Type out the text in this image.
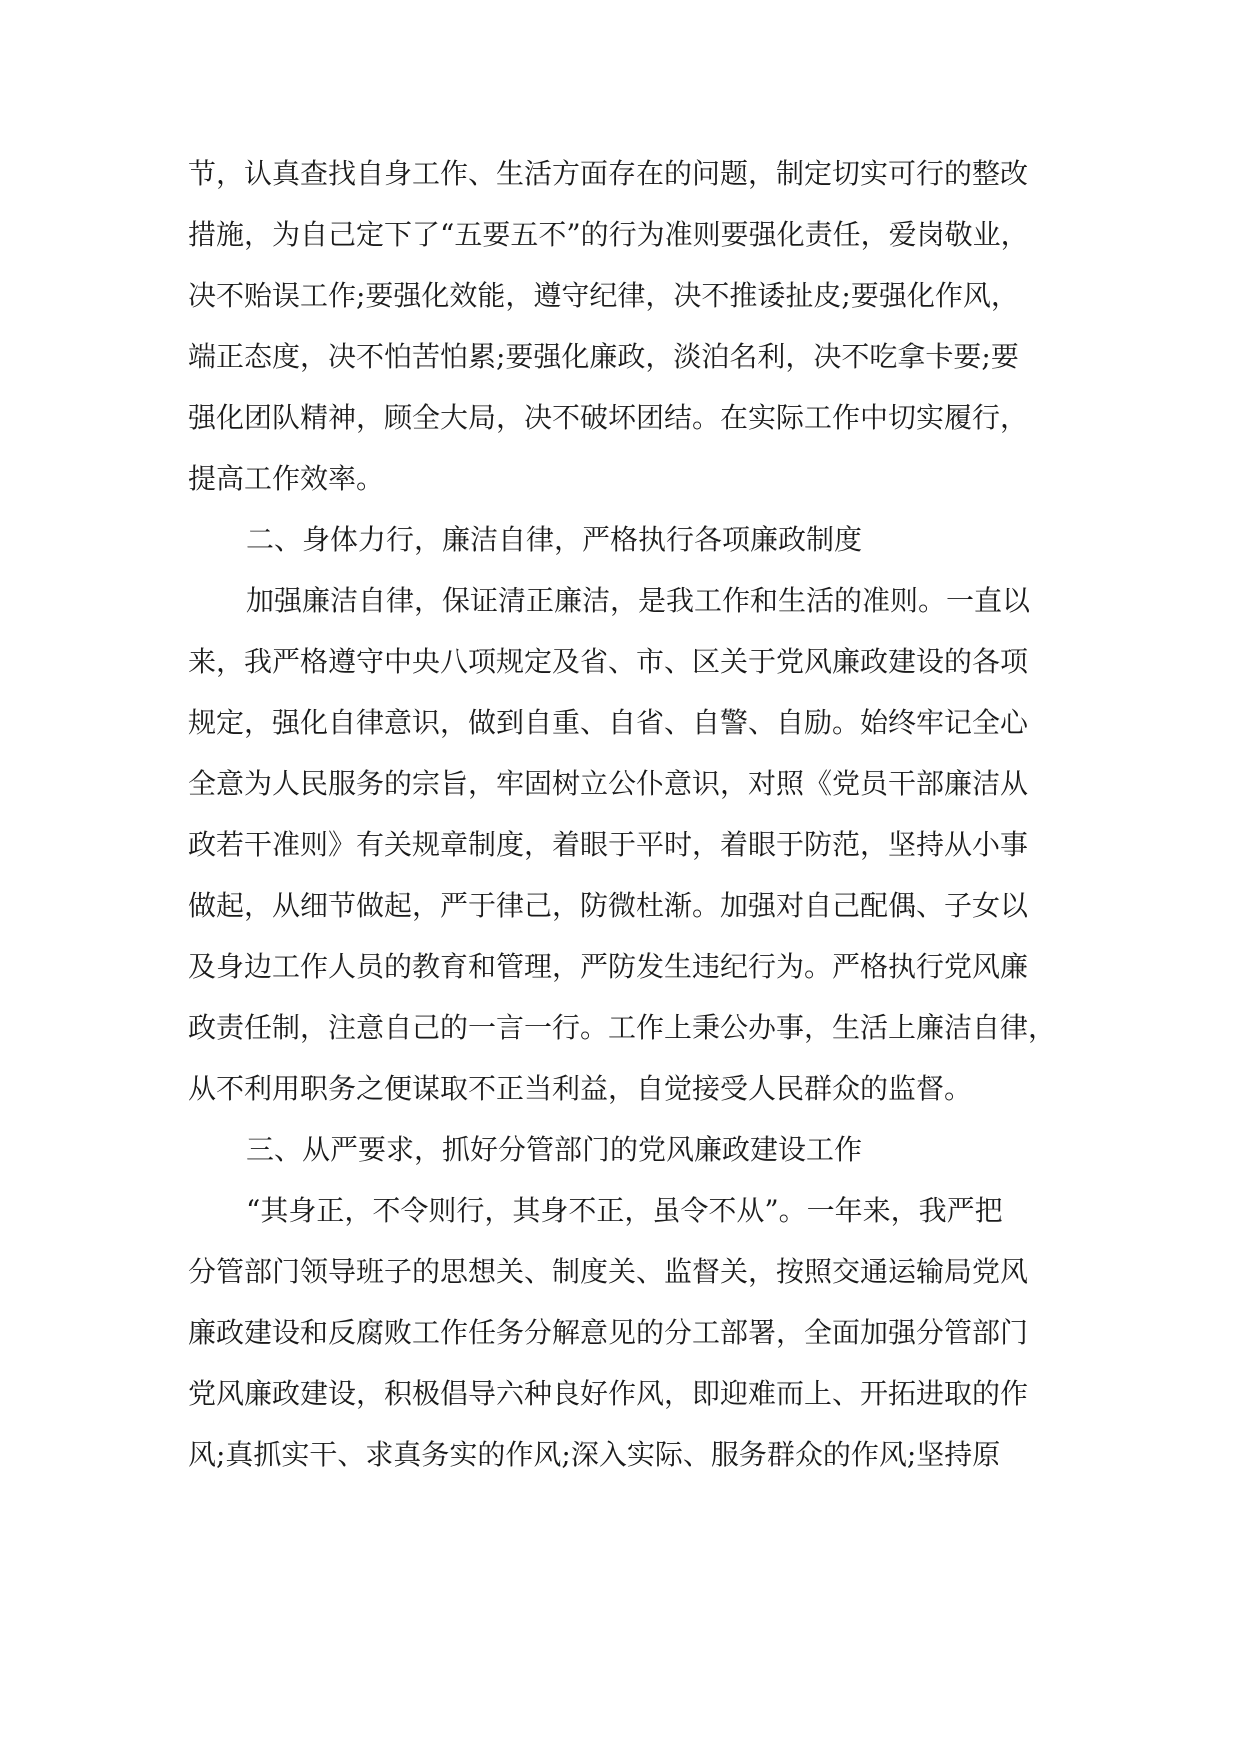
节，认真查找自身工作、生活方面存在的问题，制定切实可行的整改
措施，为自己定下了“五要五不”的行为准则要强化责任，爱岗敬业，
决不贻误工作;要强化效能，遵守纪律，决不推诿扯皮;要强化作风，
端正态度，决不怕苦怕累;要强化廉政，淡泊名利，决不吃拿卡要;要
强化团队精神，顾全大局，决不破坏团结。在实际工作中切实履行，
提高工作效率。
二、身体力行，廉洁自律，严格执行各项廉政制度
加强廉洁自律，保证清正廉洁，是我工作和生活的准则。一直以
来，我严格遵守中央八项规定及省、市、区关于党风廉政建设的各项
规定，强化自律意识，做到自重、自省、自警、自励。始终牢记全心
全意为人民服务的宗旨，牢固树立公仆意识，对照《党员干部廉洁从
政若干准则》有关规章制度，着眼于平时，着眼于防范，坚持从小事
做起，从细节做起，严于律己，防微杜渐。加强对自己配偶、子女以
及身边工作人员的教育和管理，严防发生违纪行为。严格执行党风廉
政责任制，注意自己的一言一行。工作上秉公办事，生活上廉洁自律，
从不利用职务之便谋取不正当利益，自觉接受人民群众的监督。
三、从严要求，抓好分管部门的党风廉政建设工作
“其身正，不令则行，其身不正，虽令不从”。一年来，我严把
分管部门领导班子的思想关、制度关、监督关，按照交通运输局党风
廉政建设和反腐败工作任务分解意见的分工部署，全面加强分管部门
党风廉政建设，积极倡导六种良好作风，即迎难而上、开拓进取的作
风;真抓实干、求真务实的作风;深入实际、服务群众的作风;坚持原
